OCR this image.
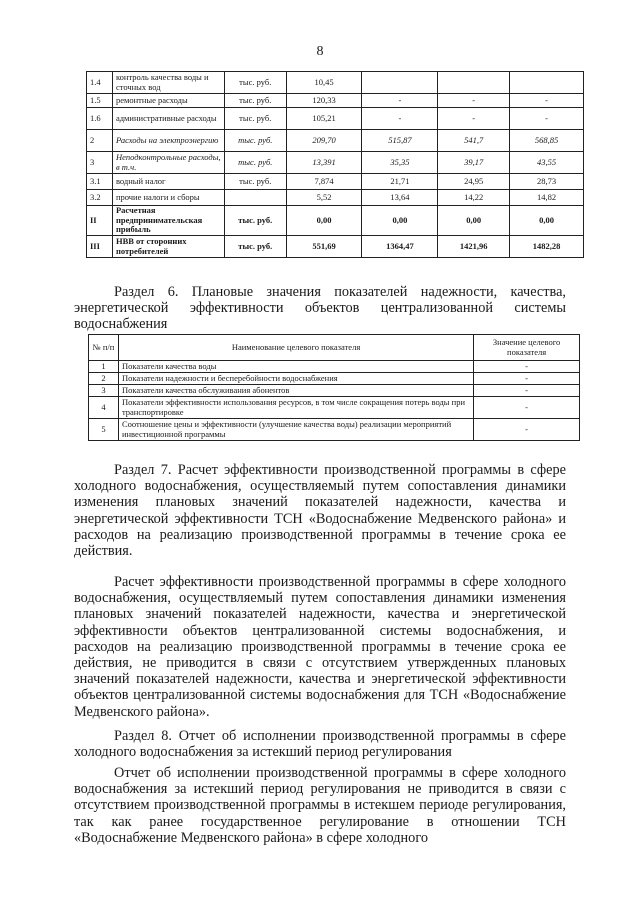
8
1.4	контроль качества воды и сточных вод	тыс. руб.	10,45			
1.5	ремонтные расходы	тыс. руб.	120,33	-	-	-
1.6	административные расходы	тыс. руб.	105,21	-	-	-
2	Расходы на электроэнергию	тыс. руб.	209,70	515,87	541,7	568,85
3	Неподконтрольные расходы, в т.ч.	тыс. руб.	13,391	35,35	39,17	43,55
3.1	водный налог	тыс. руб.	7,874	21,71	24,95	28,73
3.2	прочие налоги и сборы		5,52	13,64	14,22	14,82
II	Расчетная предпринимательская прибыль	тыс. руб.	0,00	0,00	0,00	0,00
III	НВВ от сторонних потребителей	тыс. руб.	551,69	1364,47	1421,96	1482,28
Раздел 6. Плановые значения показателей надежности, качества, энергетической эффективности объектов централизованной системы водоснабжения
№ п/п	Наименование целевого показателя	Значение целевого показателя
1	Показатели качества воды	-
2	Показатели надежности и бесперебойности водоснабжения	-
3	Показатели качества обслуживания абонентов	-
4	Показатели эффективности использования ресурсов, в том числе сокращения потерь воды при транспортировке	-
5	Соотношение цены и эффективности (улучшение качества воды) реализации мероприятий инвестиционной программы	-
Раздел 7. Расчет эффективности производственной программы в сфере холодного водоснабжения, осуществляемый путем сопоставления динамики изменения плановых значений показателей надежности, качества и энергетической эффективности ТСН «Водоснабжение Медвенского района» и расходов на реализацию производственной программы в течение срока ее действия.
Расчет эффективности производственной программы в сфере холодного водоснабжения, осуществляемый путем сопоставления динамики изменения плановых значений показателей надежности, качества и энергетической эффективности объектов централизованной системы водоснабжения, и расходов на реализацию производственной программы в течение срока ее действия, не приводится в связи с отсутствием утвержденных плановых значений показателей надежности, качества и энергетической эффективности объектов централизованной системы водоснабжения для ТСН «Водоснабжение Медвенского района».
Раздел 8. Отчет об исполнении производственной программы в сфере холодного водоснабжения за истекший период регулирования
Отчет об исполнении производственной программы в сфере холодного водоснабжения за истекший период регулирования не приводится в связи с отсутствием производственной программы в истекшем периоде регулирования, так как ранее государственное регулирование в отношении ТСН «Водоснабжение Медвенского района» в сфере холодного
